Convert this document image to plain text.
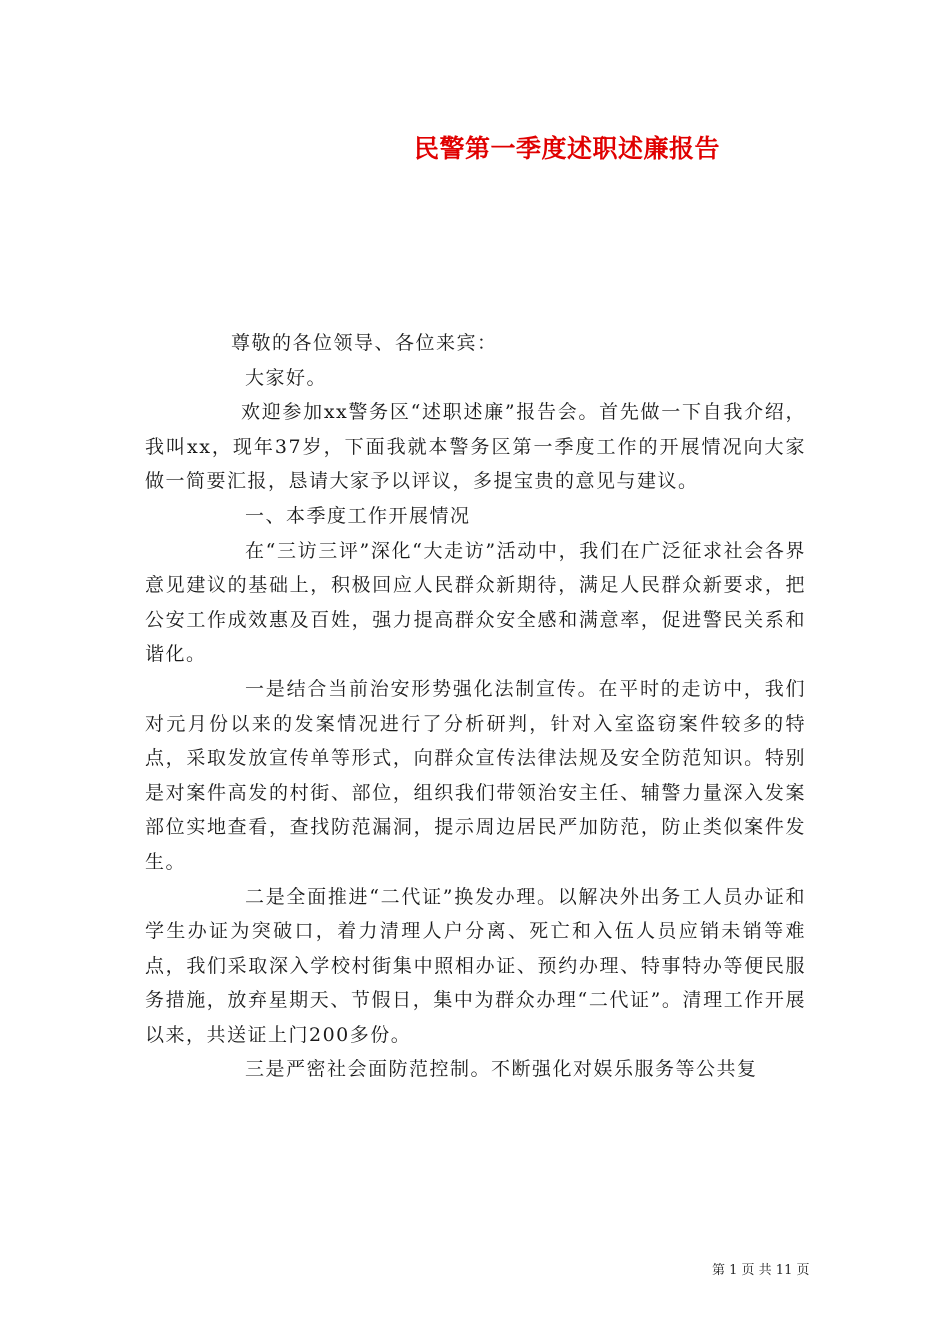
民警第一季度述职述廉报告

尊敬的各位领导、各位来宾：

大家好。

欢迎参加xx警务区“述职述廉”报告会。首先做一下自我介绍，我叫xx，现年37岁，下面我就本警务区第一季度工作的开展情况向大家做一简要汇报，恳请大家予以评议，多提宝贵的意见与建议。

一、本季度工作开展情况

在“三访三评”深化“大走访”活动中，我们在广泛征求社会各界意见建议的基础上，积极回应人民群众新期待，满足人民群众新要求，把公安工作成效惠及百姓，强力提高群众安全感和满意率，促进警民关系和谐化。

一是结合当前治安形势强化法制宣传。在平时的走访中，我们对元月份以来的发案情况进行了分析研判，针对入室盗窃案件较多的特点，采取发放宣传单等形式，向群众宣传法律法规及安全防范知识。特别是对案件高发的村街、部位，组织我们带领治安主任、辅警力量深入发案部位实地查看，查找防范漏洞，提示周边居民严加防范，防止类似案件发生。

二是全面推进“二代证”换发办理。以解决外出务工人员办证和学生办证为突破口，着力清理人户分离、死亡和入伍人员应销未销等难点，我们采取深入学校村街集中照相办证、预约办理、特事特办等便民服务措施，放弃星期天、节假日，集中为群众办理“二代证”。清理工作开展以来，共送证上门200多份。

三是严密社会面防范控制。不断强化对娱乐服务等公共复

第 1 页 共 11 页
